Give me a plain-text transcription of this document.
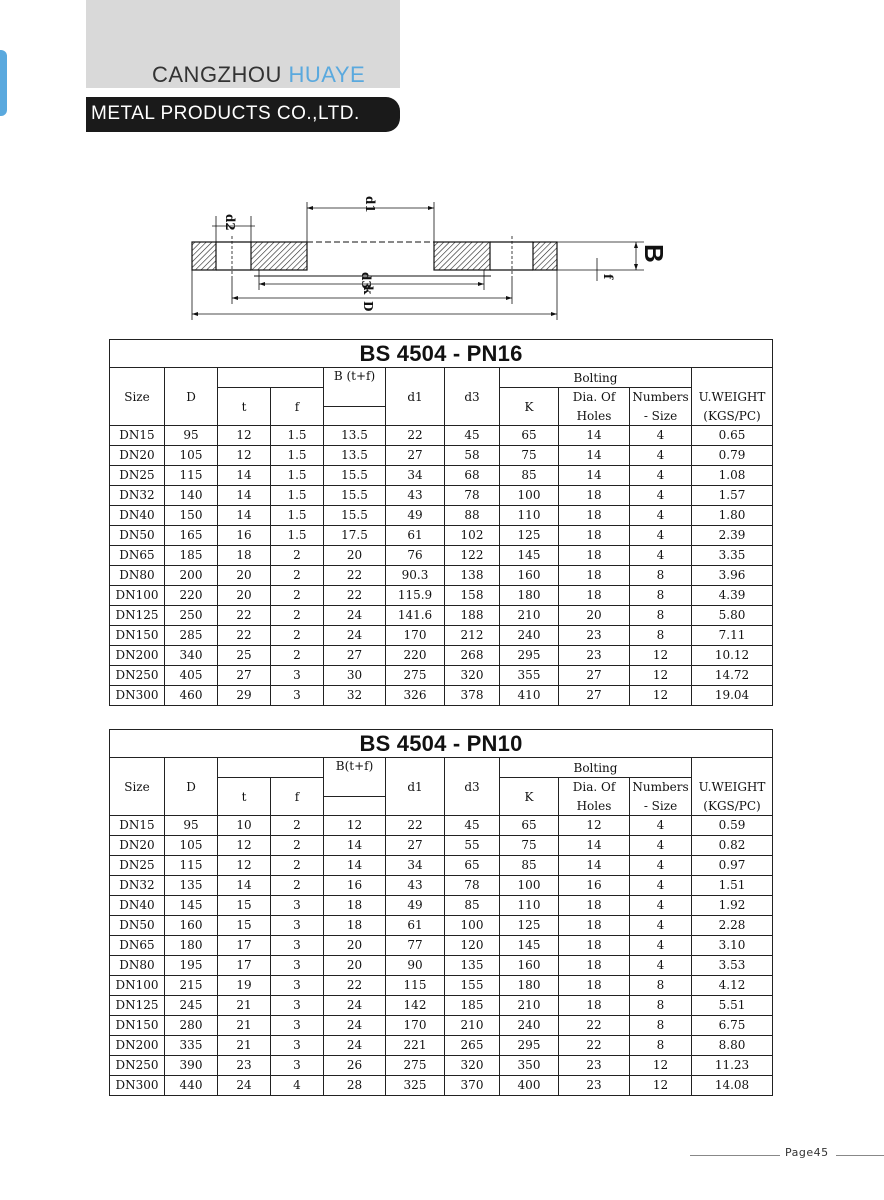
CANGZHOU HUAYE
METAL PRODUCTS CO.,LTD.
d2
d1
d3
k
D
f
B
BS 4504 - PN16										
Size	D			B (t+f)	d1	d3	Bolting			
		t	f				K	Dia. Of	Numbers	U.WEIGHT
								Holes	- Size	(KGS/PC)
DN15	95	12	1.5	13.5	22	45	65	14	4	0.65
DN20	105	12	1.5	13.5	27	58	75	14	4	0.79
DN25	115	14	1.5	15.5	34	68	85	14	4	1.08
DN32	140	14	1.5	15.5	43	78	100	18	4	1.57
DN40	150	14	1.5	15.5	49	88	110	18	4	1.80
DN50	165	16	1.5	17.5	61	102	125	18	4	2.39
DN65	185	18	2	20	76	122	145	18	4	3.35
DN80	200	20	2	22	90.3	138	160	18	8	3.96
DN100	220	20	2	22	115.9	158	180	18	8	4.39
DN125	250	22	2	24	141.6	188	210	20	8	5.80
DN150	285	22	2	24	170	212	240	23	8	7.11
DN200	340	25	2	27	220	268	295	23	12	10.12
DN250	405	27	3	30	275	320	355	27	12	14.72
DN300	460	29	3	32	326	378	410	27	12	19.04
BS 4504 - PN10										
Size	D			B(t+f)	d1	d3	Bolting			
		t	f				K	Dia. Of	Numbers	U.WEIGHT
								Holes	- Size	(KGS/PC)
DN15	95	10	2	12	22	45	65	12	4	0.59
DN20	105	12	2	14	27	55	75	14	4	0.82
DN25	115	12	2	14	34	65	85	14	4	0.97
DN32	135	14	2	16	43	78	100	16	4	1.51
DN40	145	15	3	18	49	85	110	18	4	1.92
DN50	160	15	3	18	61	100	125	18	4	2.28
DN65	180	17	3	20	77	120	145	18	4	3.10
DN80	195	17	3	20	90	135	160	18	4	3.53
DN100	215	19	3	22	115	155	180	18	8	4.12
DN125	245	21	3	24	142	185	210	18	8	5.51
DN150	280	21	3	24	170	210	240	22	8	6.75
DN200	335	21	3	24	221	265	295	22	8	8.80
DN250	390	23	3	26	275	320	350	23	12	11.23
DN300	440	24	4	28	325	370	400	23	12	14.08
Page45
